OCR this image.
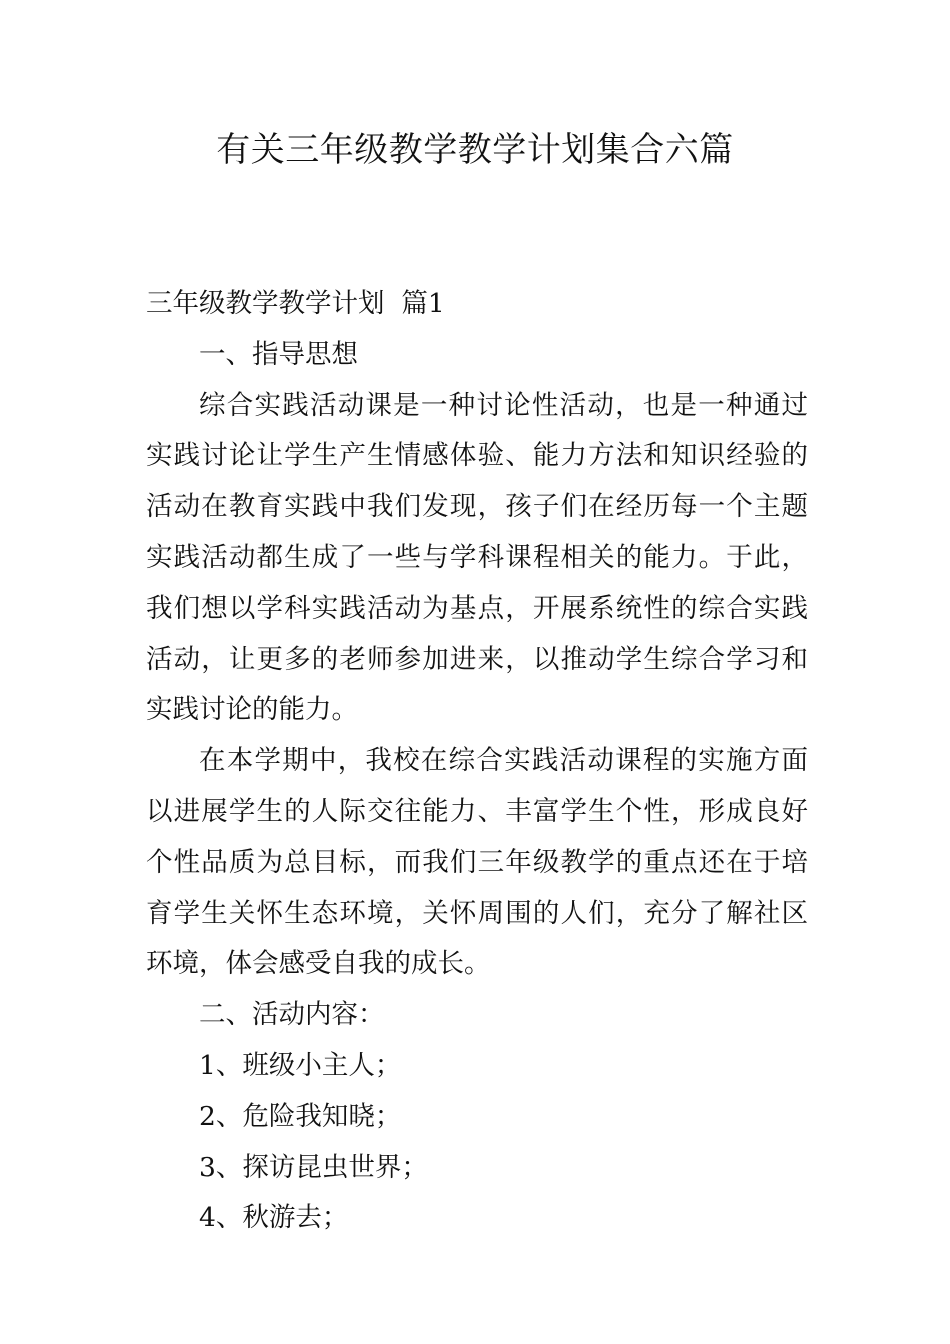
有关三年级教学教学计划集合六篇

三年级教学教学计划  篇1

一、指导思想

综合实践活动课是一种讨论性活动，也是一种通过实践讨论让学生产生情感体验、能力方法和知识经验的活动在教育实践中我们发现，孩子们在经历每一个主题实践活动都生成了一些与学科课程相关的能力。于此，我们想以学科实践活动为基点，开展系统性的综合实践活动，让更多的老师参加进来，以推动学生综合学习和实践讨论的能力。

在本学期中，我校在综合实践活动课程的实施方面以进展学生的人际交往能力、丰富学生个性，形成良好个性品质为总目标，而我们三年级教学的重点还在于培育学生关怀生态环境，关怀周围的人们，充分了解社区环境，体会感受自我的成长。

二、活动内容：

1、班级小主人；

2、危险我知晓；

3、探访昆虫世界；

4、秋游去；
